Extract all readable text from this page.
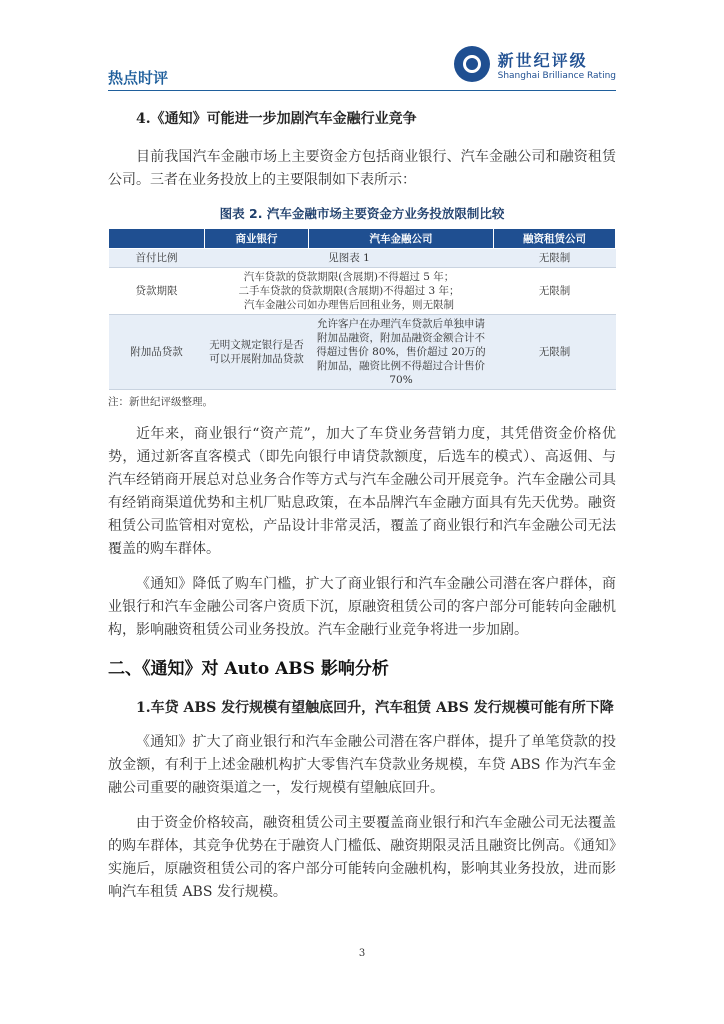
热点时评
新世纪评级
Shanghai Brilliance Rating
4.《通知》可能进一步加剧汽车金融行业竞争

目前我国汽车金融市场上主要资金方包括商业银行、汽车金融公司和融资租赁公司。三者在业务投放上的主要限制如下表所示：

图表 2. 汽车金融市场主要资金方业务投放限制比较
	商业银行	汽车金融公司	融资租赁公司
首付比例	见图表 1		无限制
贷款期限	汽车贷款的贷款期限(含展期)不得超过 5 年；
二手车贷款的贷款期限(含展期)不得超过 3 年；
汽车金融公司如办理售后回租业务，则无限制		无限制
附加品贷款	无明文规定银行是否可以开展附加品贷款	允许客户在办理汽车贷款后单独申请附加品融资，附加品融资金额合计不得超过售价 80%，售价超过 20万的附加品，融资比例不得超过合计售价 70%	无限制
注：新世纪评级整理。

近年来，商业银行“资产荒”，加大了车贷业务营销力度，其凭借资金价格优势，通过新客直客模式（即先向银行申请贷款额度，后选车的模式）、高返佣、与汽车经销商开展总对总业务合作等方式与汽车金融公司开展竞争。汽车金融公司具有经销商渠道优势和主机厂贴息政策，在本品牌汽车金融方面具有先天优势。融资租赁公司监管相对宽松，产品设计非常灵活，覆盖了商业银行和汽车金融公司无法覆盖的购车群体。

《通知》降低了购车门槛，扩大了商业银行和汽车金融公司潜在客户群体，商业银行和汽车金融公司客户资质下沉，原融资租赁公司的客户部分可能转向金融机构，影响融资租赁公司业务投放。汽车金融行业竞争将进一步加剧。

二、《通知》对 Auto ABS 影响分析
1.车贷 ABS 发行规模有望触底回升，汽车租赁 ABS 发行规模可能有所下降

《通知》扩大了商业银行和汽车金融公司潜在客户群体，提升了单笔贷款的投放金额，有利于上述金融机构扩大零售汽车贷款业务规模，车贷 ABS 作为汽车金融公司重要的融资渠道之一，发行规模有望触底回升。

由于资金价格较高，融资租赁公司主要覆盖商业银行和汽车金融公司无法覆盖的购车群体，其竞争优势在于融资人门槛低、融资期限灵活且融资比例高。《通知》实施后，原融资租赁公司的客户部分可能转向金融机构，影响其业务投放，进而影响汽车租赁 ABS 发行规模。

3
